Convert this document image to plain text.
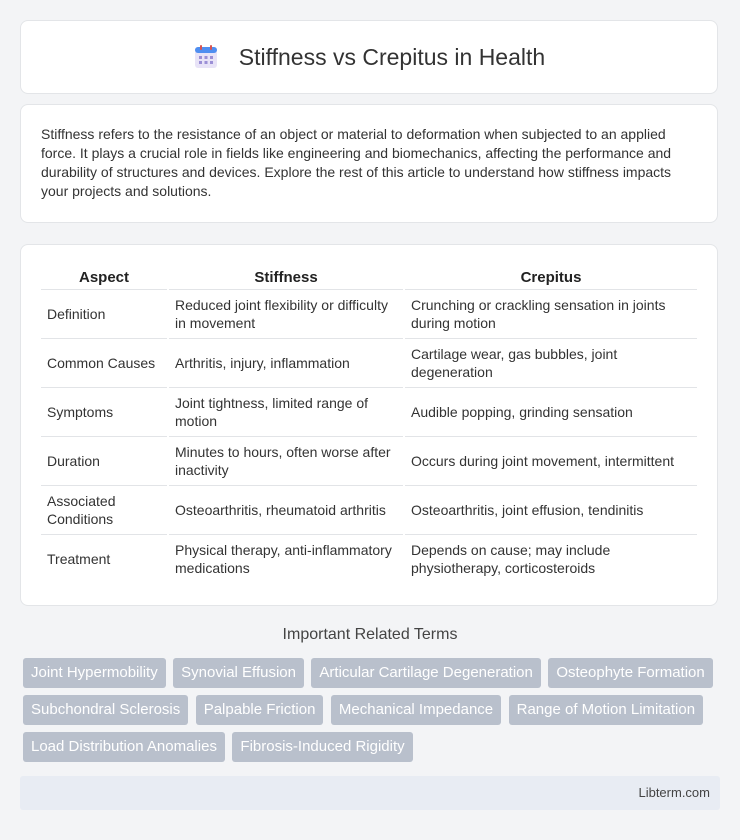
Stiffness vs Crepitus in Health

Stiffness refers to the resistance of an object or material to deformation when subjected to an applied force. It plays a crucial role in fields like engineering and biomechanics, affecting the performance and durability of structures and devices. Explore the rest of this article to understand how stiffness impacts your projects and solutions.

Aspect	Stiffness	Crepitus
Definition	Reduced joint flexibility or difficulty in movement	Crunching or crackling sensation in joints during motion
Common Causes	Arthritis, injury, inflammation	Cartilage wear, gas bubbles, joint degeneration
Symptoms	Joint tightness, limited range of motion	Audible popping, grinding sensation
Duration	Minutes to hours, often worse after inactivity	Occurs during joint movement, intermittent
Associated Conditions	Osteoarthritis, rheumatoid arthritis	Osteoarthritis, joint effusion, tendinitis
Treatment	Physical therapy, anti-inflammatory medications	Depends on cause; may include physiotherapy, corticosteroids
Important Related Terms
Joint Hypermobility Synovial Effusion Articular Cartilage Degeneration Osteophyte Formation Subchondral Sclerosis Palpable Friction Mechanical Impedance Range of Motion Limitation Load Distribution Anomalies Fibrosis-Induced Rigidity
Libterm.com
